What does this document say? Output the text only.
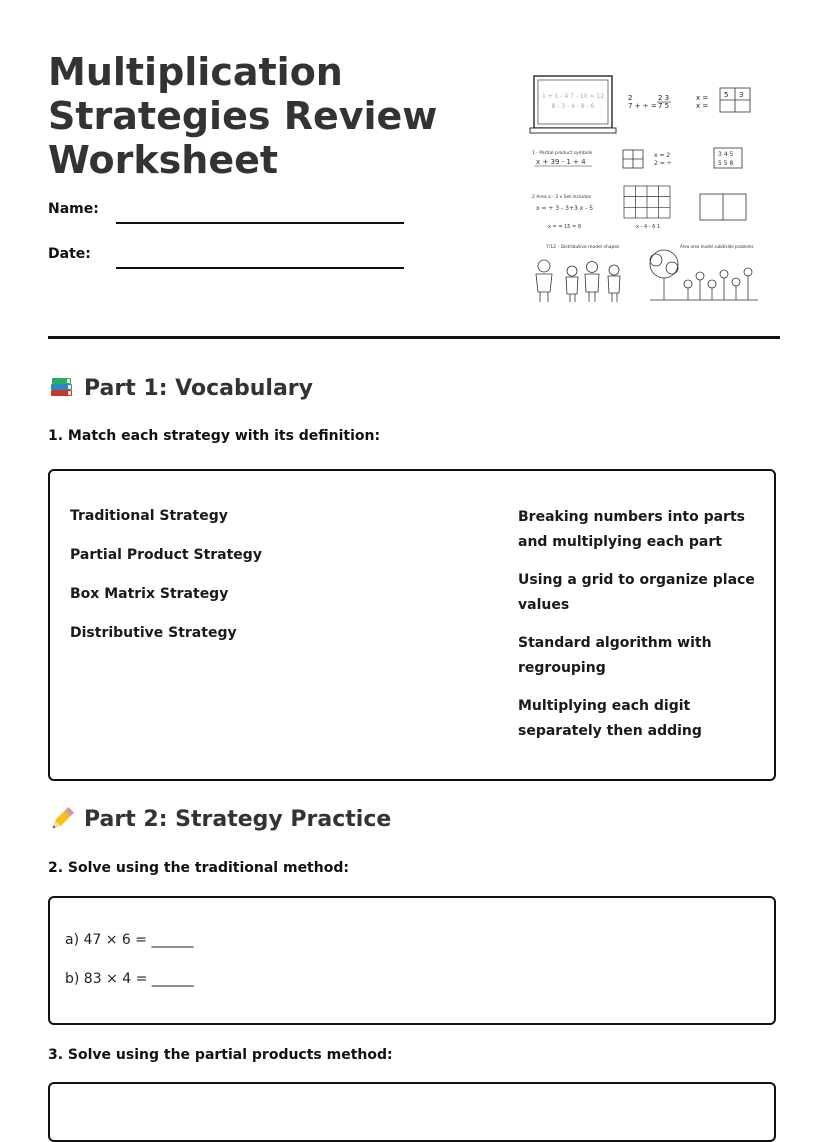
Multiplication Strategies Review Worksheet
Name:
Date:
1 + 1 - 4 7 - 10 = 12
8 - 3 - 4 - 8 - 6
2
7 + ÷ =
2 3
7 5
x =
x =
5 3
1 - Partial product symbols
x + 39 - 1 + 4
x = 2
2 = ÷
3 4 5
5 5 8
2 Area x - 3 x Set includes
x = + 3 - 3+3 x - 5
x = = 15 = 8	x - 4 - 6 1
7/12 - Distributive model shapes	Area area model subdivide problems
Part 1: Vocabulary

1. Match each strategy with its definition:

Traditional Strategy
Partial Product Strategy
Box Matrix Strategy
Distributive Strategy
Breaking numbers into parts and multiplying each part
Using a grid to organize place values
Standard algorithm with regrouping
Multiplying each digit separately then adding
Part 2: Strategy Practice

2. Solve using the traditional method:

a) 47 × 6 = ______
b) 83 × 4 = ______

3. Solve using the partial products method:
